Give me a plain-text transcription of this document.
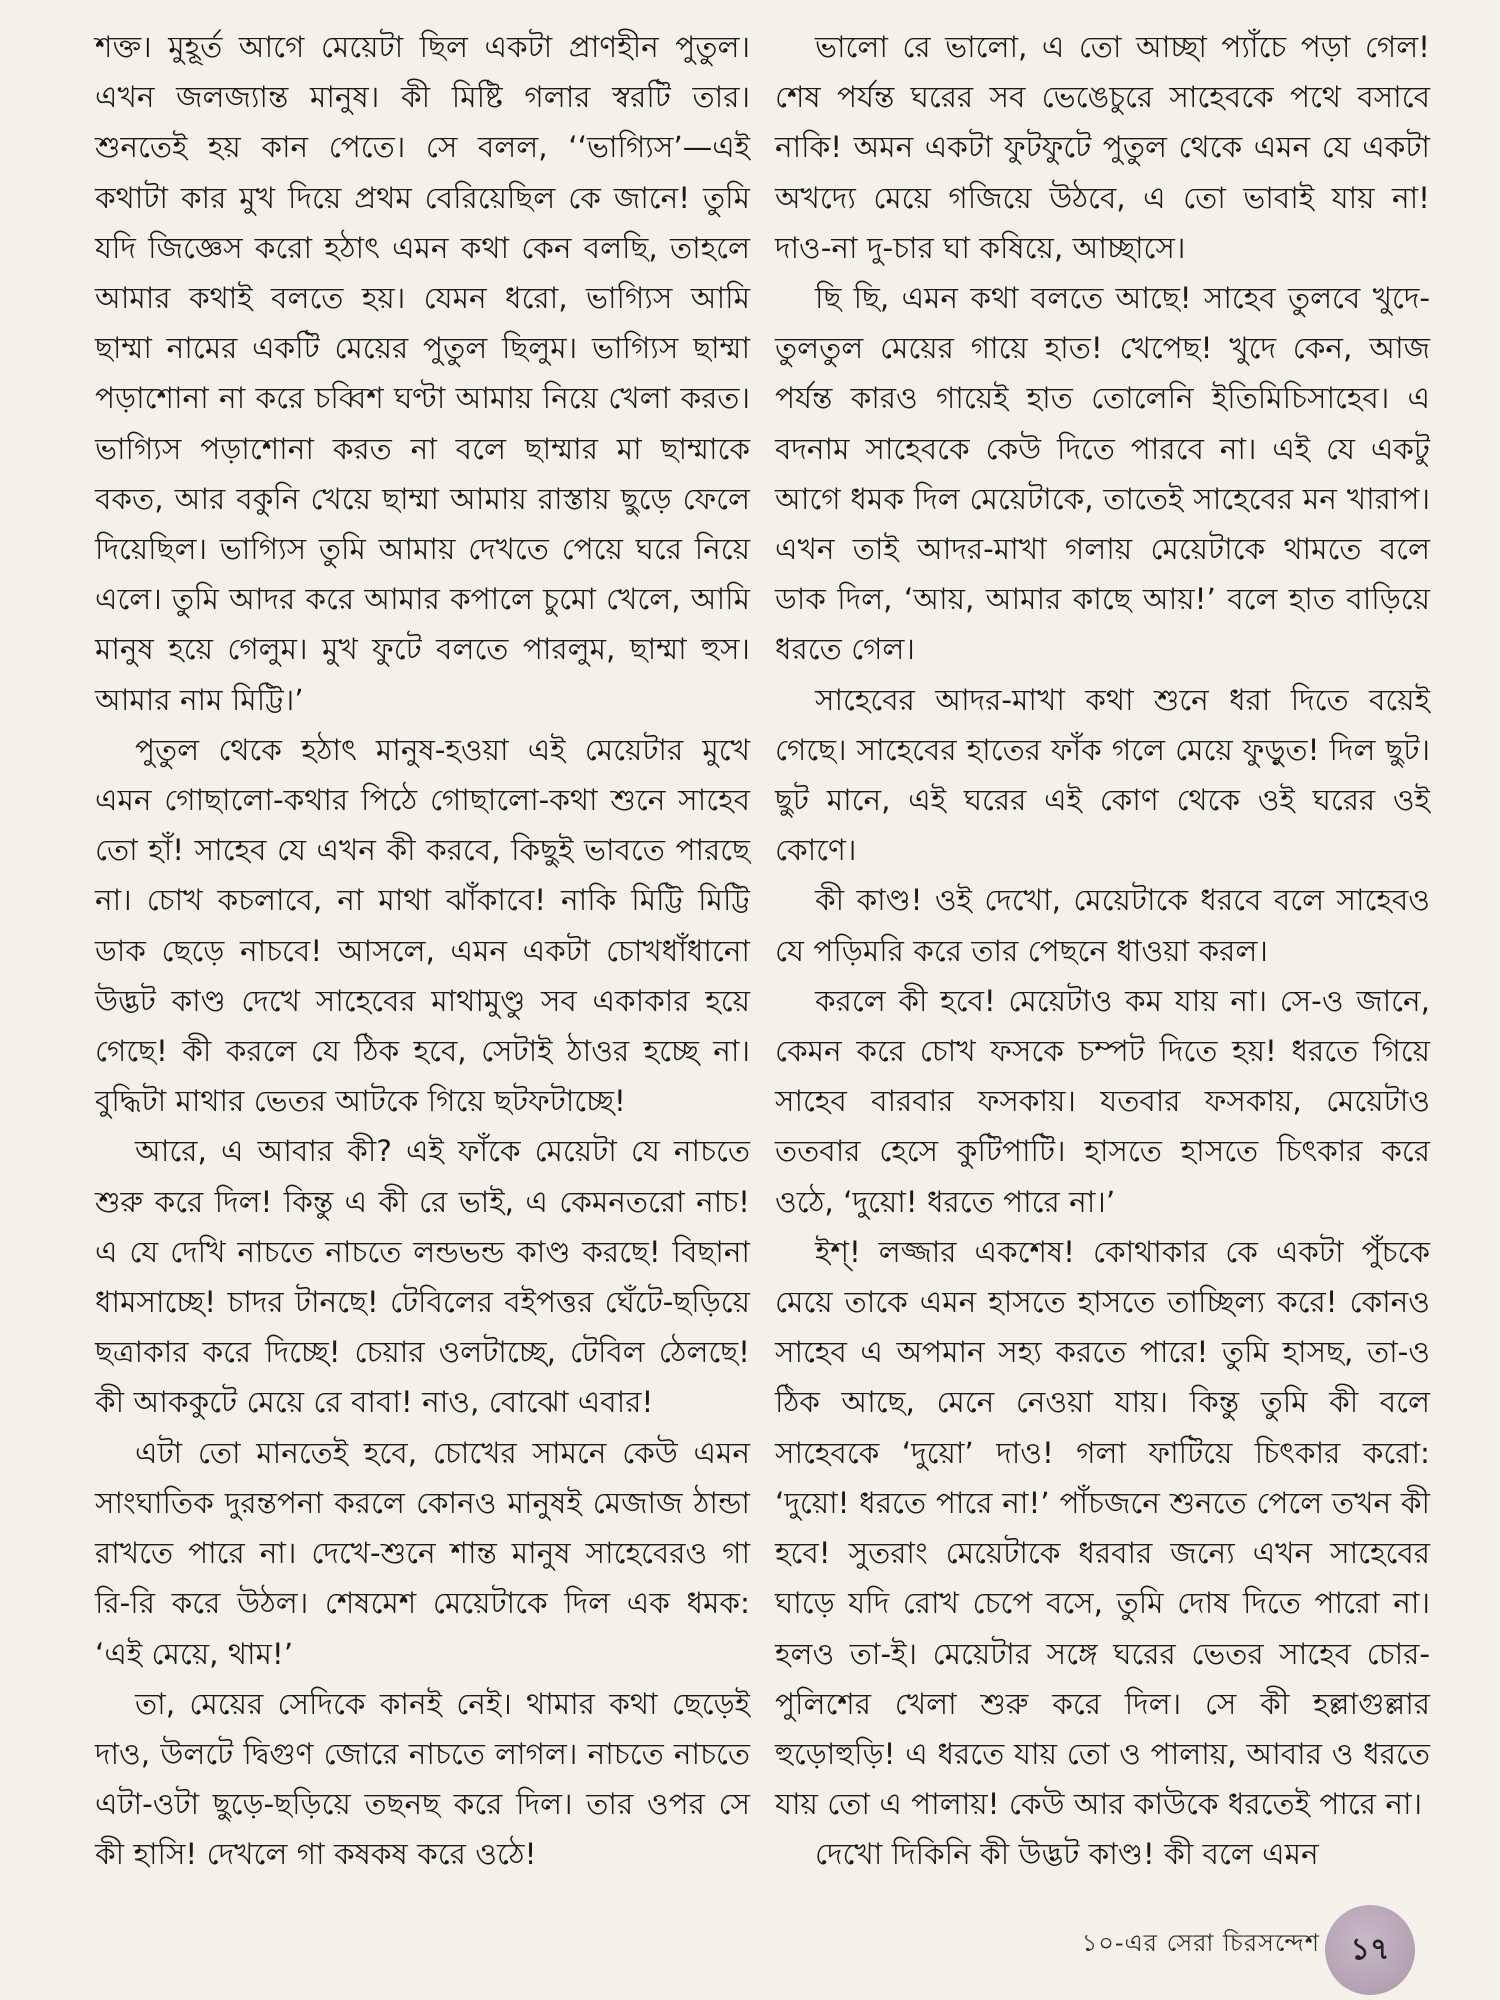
শক্ত। মুহূর্ত আগে মেয়েটা ছিল একটা প্রাণহীন পুতুল। এখন জলজ্যান্ত মানুষ। কী মিষ্টি গলার স্বরটি তার। শুনতেই হয় কান পেতে। সে বলল, ‘‘ভাগ্যিস’—এই কথাটা কার মুখ দিয়ে প্রথম বেরিয়েছিল কে জানে! তুমি যদি জিজ্ঞেস করো হঠাৎ এমন কথা কেন বলছি, তাহলে আমার কথাই বলতে হয়। যেমন ধরো, ভাগ্যিস আমি ছাম্মা নামের একটি মেয়ের পুতুল ছিলুম। ভাগ্যিস ছাম্মা পড়াশোনা না করে চব্বিশ ঘণ্টা আমায় নিয়ে খেলা করত। ভাগ্যিস পড়াশোনা করত না বলে ছাম্মার মা ছাম্মাকে বকত, আর বকুনি খেয়ে ছাম্মা আমায় রাস্তায় ছুড়ে ফেলে দিয়েছিল। ভাগ্যিস তুমি আমায় দেখতে পেয়ে ঘরে নিয়ে এলে। তুমি আদর করে আমার কপালে চুমো খেলে, আমি মানুষ হয়ে গেলুম। মুখ ফুটে বলতে পারলুম, ছাম্মা হুস। আমার নাম মিট্টি।’

পুতুল থেকে হঠাৎ মানুষ-হওয়া এই মেয়েটার মুখে এমন গোছালো-কথার পিঠে গোছালো-কথা শুনে সাহেব তো হাঁ! সাহেব যে এখন কী করবে, কিছুই ভাবতে পারছে না। চোখ কচলাবে, না মাথা ঝাঁকাবে! নাকি মিট্টি মিট্টি ডাক ছেড়ে নাচবে! আসলে, এমন একটা চোখধাঁধানো উদ্ভট কাণ্ড দেখে সাহেবের মাথামুণ্ডু সব একাকার হয়ে গেছে! কী করলে যে ঠিক হবে, সেটাই ঠাওর হচ্ছে না। বুদ্ধিটা মাথার ভেতর আটকে গিয়ে ছটফটাচ্ছে!

আরে, এ আবার কী? এই ফাঁকে মেয়েটা যে নাচতে শুরু করে দিল! কিন্তু এ কী রে ভাই, এ কেমনতরো নাচ! এ যে দেখি নাচতে নাচতে লন্ডভন্ড কাণ্ড করছে! বিছানা ধামসাচ্ছে! চাদর টানছে! টেবিলের বইপত্তর ঘেঁটে-ছড়িয়ে ছত্রাকার করে দিচ্ছে! চেয়ার ওলটাচ্ছে, টেবিল ঠেলছে! কী আককুটে মেয়ে রে বাবা! নাও, বোঝো এবার!

এটা তো মানতেই হবে, চোখের সামনে কেউ এমন সাংঘাতিক দুরন্তপনা করলে কোনও মানুষই মেজাজ ঠান্ডা রাখতে পারে না। দেখে-শুনে শান্ত মানুষ সাহেবেরও গা রি-রি করে উঠল। শেষমেশ মেয়েটাকে দিল এক ধমক: ‘এই মেয়ে, থাম!’

তা, মেয়ের সেদিকে কানই নেই। থামার কথা ছেড়েই দাও, উলটে দ্বিগুণ জোরে নাচতে লাগল। নাচতে নাচতে এটা-ওটা ছুড়ে-ছড়িয়ে তছনছ করে দিল। তার ওপর সে কী হাসি! দেখলে গা কষকষ করে ওঠে!

ভালো রে ভালো, এ তো আচ্ছা প্যাঁচে পড়া গেল! শেষ পর্যন্ত ঘরের সব ভেঙেচুরে সাহেবকে পথে বসাবে নাকি! অমন একটা ফুটফুটে পুতুল থেকে এমন যে একটা অখদ্যে মেয়ে গজিয়ে উঠবে, এ তো ভাবাই যায় না! দাও-না দু-চার ঘা কষিয়ে, আচ্ছাসে।

ছি ছি, এমন কথা বলতে আছে! সাহেব তুলবে খুদে-তুলতুল মেয়ের গায়ে হাত! খেপেছ! খুদে কেন, আজ পর্যন্ত কারও গায়েই হাত তোলেনি ইতিমিচিসাহেব। এ বদনাম সাহেবকে কেউ দিতে পারবে না। এই যে একটু আগে ধমক দিল মেয়েটাকে, তাতেই সাহেবের মন খারাপ। এখন তাই আদর-মাখা গলায় মেয়েটাকে থামতে বলে ডাক দিল, ‘আয়, আমার কাছে আয়!’ বলে হাত বাড়িয়ে ধরতে গেল।

সাহেবের আদর-মাখা কথা শুনে ধরা দিতে বয়েই গেছে। সাহেবের হাতের ফাঁক গলে মেয়ে ফুড়ুত! দিল ছুট। ছুট মানে, এই ঘরের এই কোণ থেকে ওই ঘরের ওই কোণে।

কী কাণ্ড! ওই দেখো, মেয়েটাকে ধরবে বলে সাহেবও যে পড়িমরি করে তার পেছনে ধাওয়া করল।

করলে কী হবে! মেয়েটাও কম যায় না। সে-ও জানে, কেমন করে চোখ ফসকে চম্পট দিতে হয়! ধরতে গিয়ে সাহেব বারবার ফসকায়। যতবার ফসকায়, মেয়েটাও ততবার হেসে কুটিপাটি। হাসতে হাসতে চিৎকার করে ওঠে, ‘দুয়ো! ধরতে পারে না।’

ইশ্! লজ্জার একশেষ! কোথাকার কে একটা পুঁচকে মেয়ে তাকে এমন হাসতে হাসতে তাচ্ছিল্য করে! কোনও সাহেব এ অপমান সহ্য করতে পারে! তুমি হাসছ, তা-ও ঠিক আছে, মেনে নেওয়া যায়। কিন্তু তুমি কী বলে সাহেবকে ‘দুয়ো’ দাও! গলা ফাটিয়ে চিৎকার করো: ‘দুয়ো! ধরতে পারে না!’ পাঁচজনে শুনতে পেলে তখন কী হবে! সুতরাং মেয়েটাকে ধরবার জন্যে এখন সাহেবের ঘাড়ে যদি রোখ চেপে বসে, তুমি দোষ দিতে পারো না। হলও তা-ই। মেয়েটার সঙ্গে ঘরের ভেতর সাহেব চোর-পুলিশের খেলা শুরু করে দিল। সে কী হল্লাগুল্লার হুড়োহুড়ি! এ ধরতে যায় তো ও পালায়, আবার ও ধরতে যায় তো এ পালায়! কেউ আর কাউকে ধরতেই পারে না।

দেখো দিকিনি কী উদ্ভট কাণ্ড! কী বলে এমন

১০-এর সেরা চিরসন্দেশ	১৭
